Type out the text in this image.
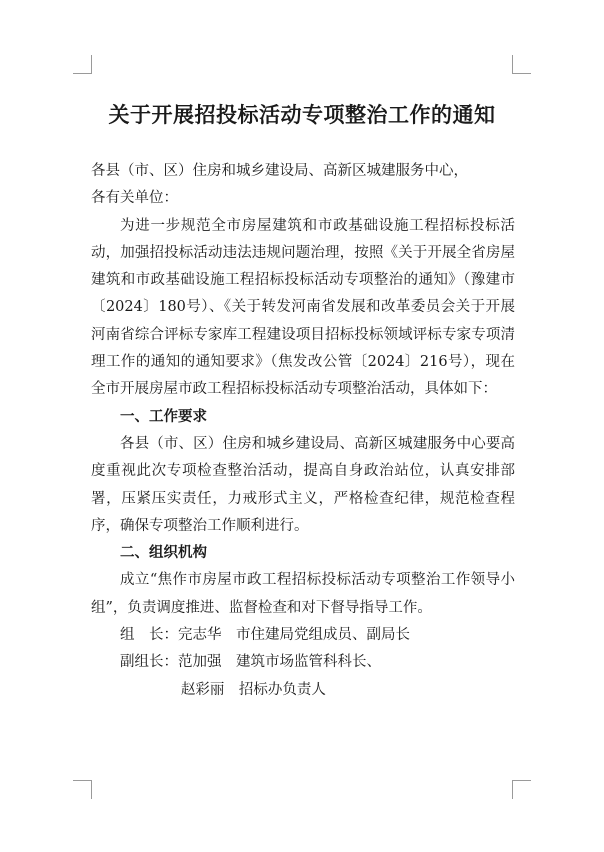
关于开展招投标活动专项整治工作的通知

各县（市、区）住房和城乡建设局、高新区城建服务中心，

各有关单位：

为进一步规范全市房屋建筑和市政基础设施工程招标投标活动，加强招投标活动违法违规问题治理，按照《关于开展全省房屋建筑和市政基础设施工程招标投标活动专项整治的通知》（豫建市〔2024〕180号）、《关于转发河南省发展和改革委员会关于开展河南省综合评标专家库工程建设项目招标投标领域评标专家专项清理工作的通知的通知要求》（焦发改公管〔2024〕216号），现在全市开展房屋市政工程招标投标活动专项整治活动，具体如下：

一、工作要求

各县（市、区）住房和城乡建设局、高新区城建服务中心要高度重视此次专项检查整治活动，提高自身政治站位，认真安排部署，压紧压实责任，力戒形式主义，严格检查纪律，规范检查程序，确保专项整治工作顺利进行。

二、组织机构

成立“焦作市房屋市政工程招标投标活动专项整治工作领导小组”，负责调度推进、监督检查和对下督导指导工作。

组　长：完志华　市住建局党组成员、副局长

副组长：范加强　建筑市场监管科科长、

赵彩丽　招标办负责人
